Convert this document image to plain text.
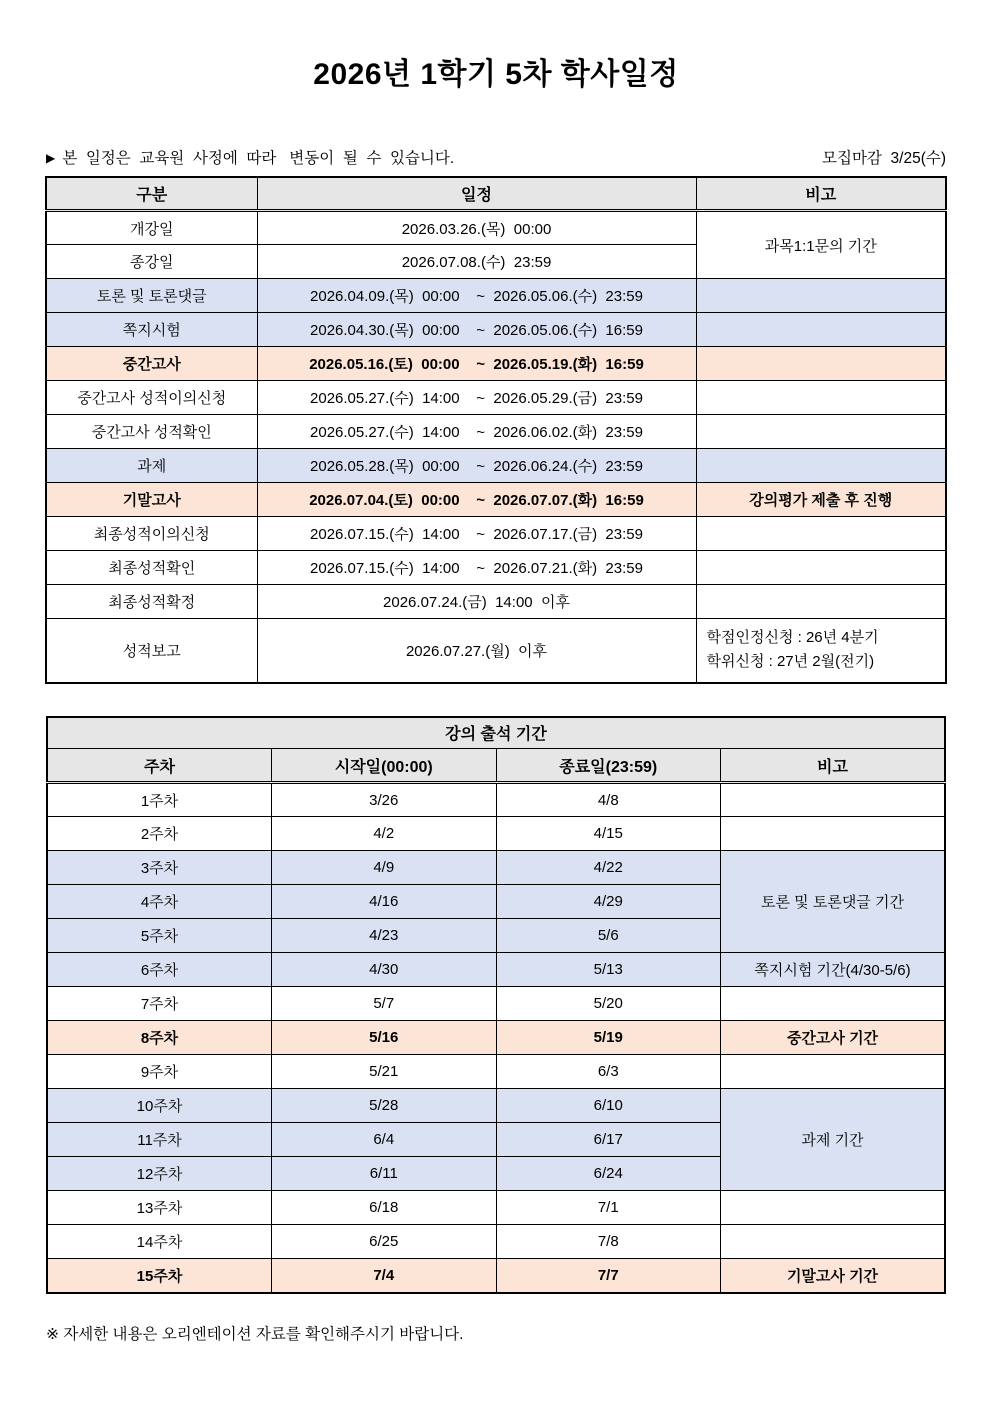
2026년 1학기 5차 학사일정
▶ 본  일정은  교육원  사정에  따라   변동이  될  수  있습니다.	모집마감  3/25(수)
구분	일정	비고
개강일	2026.03.26.(목)  00:00	과목1:1문의 기간
종강일	2026.07.08.(수)  23:59	
토론 및 토론댓글	2026.04.09.(목)  00:00    ~  2026.05.06.(수)  23:59	
쪽지시험	2026.04.30.(목)  00:00    ~  2026.05.06.(수)  16:59	
중간고사	2026.05.16.(토)  00:00    ~  2026.05.19.(화)  16:59	
중간고사 성적이의신청	2026.05.27.(수)  14:00    ~  2026.05.29.(금)  23:59	
중간고사 성적확인	2026.05.27.(수)  14:00    ~  2026.06.02.(화)  23:59	
과제	2026.05.28.(목)  00:00    ~  2026.06.24.(수)  23:59	
기말고사	2026.07.04.(토)  00:00    ~  2026.07.07.(화)  16:59	강의평가 제출 후 진행
최종성적이의신청	2026.07.15.(수)  14:00    ~  2026.07.17.(금)  23:59	
최종성적확인	2026.07.15.(수)  14:00    ~  2026.07.21.(화)  23:59	
최종성적확정	2026.07.24.(금)  14:00  이후	
성적보고	2026.07.27.(월)  이후	학점인정신청 : 26년 4분기
학위신청 : 27년 2월(전기)
강의 출석 기간			
주차	시작일(00:00)	종료일(23:59)	비고
1주차	3/26	4/8	
2주차	4/2	4/15	
3주차	4/9	4/22	토론 및 토론댓글 기간
4주차	4/16	4/29	
5주차	4/23	5/6	
6주차	4/30	5/13	쪽지시험 기간(4/30-5/6)
7주차	5/7	5/20	
8주차	5/16	5/19	중간고사 기간
9주차	5/21	6/3	
10주차	5/28	6/10	과제 기간
11주차	6/4	6/17	
12주차	6/11	6/24	
13주차	6/18	7/1	
14주차	6/25	7/8	
15주차	7/4	7/7	기말고사 기간

※ 자세한 내용은 오리엔테이션 자료를 확인해주시기 바랍니다.
